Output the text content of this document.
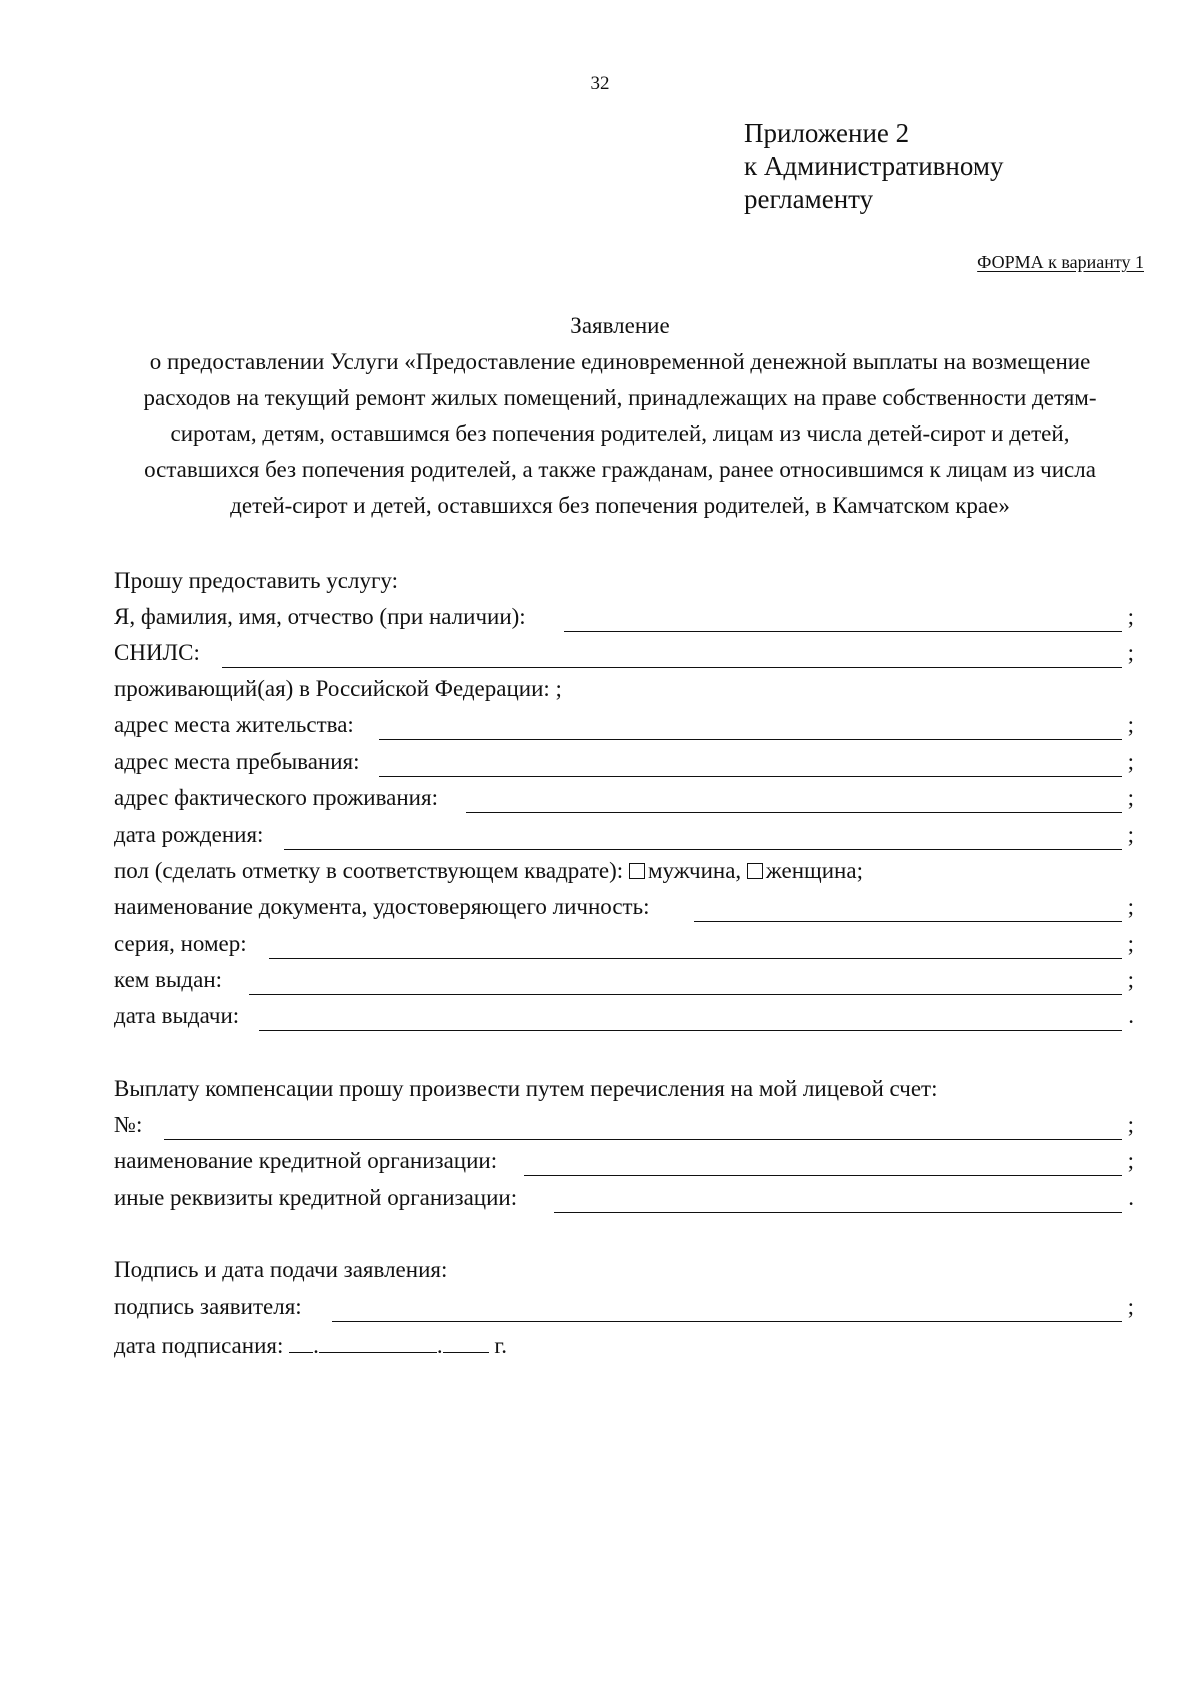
32
Приложение 2
к Административному
регламенту
ФОРМА к варианту 1
Заявление
о предоставлении Услуги «Предоставление единовременной денежной выплаты на возмещение
расходов на текущий ремонт жилых помещений, принадлежащих на праве собственности детям-
сиротам, детям, оставшимся без попечения родителей, лицам из числа детей-сирот и детей,
оставшихся без попечения родителей, а также гражданам, ранее относившимся к лицам из числа
детей-сирот и детей, оставшихся без попечения родителей, в Камчатском крае»
Прошу предоставить услугу:
Я, фамилия, имя, отчество (при наличии):	;
СНИЛС:	;
проживающий(ая) в Российской Федерации: ;
адрес места жительства:	;
адрес места пребывания:	;
адрес фактического проживания:	;
дата рождения:	;
пол (сделать отметку в соответствующем квадрате): мужчина, женщина;
наименование документа, удостоверяющего личность:	;
серия, номер:	;
кем выдан:	;
дата выдачи:	.
Выплату компенсации прошу произвести путем перечисления на мой лицевой счет:
№:	;
наименование кредитной организации:	;
иные реквизиты кредитной организации:	.
Подпись и дата подачи заявления:
подпись заявителя:	;
дата подписания: .	. г.
